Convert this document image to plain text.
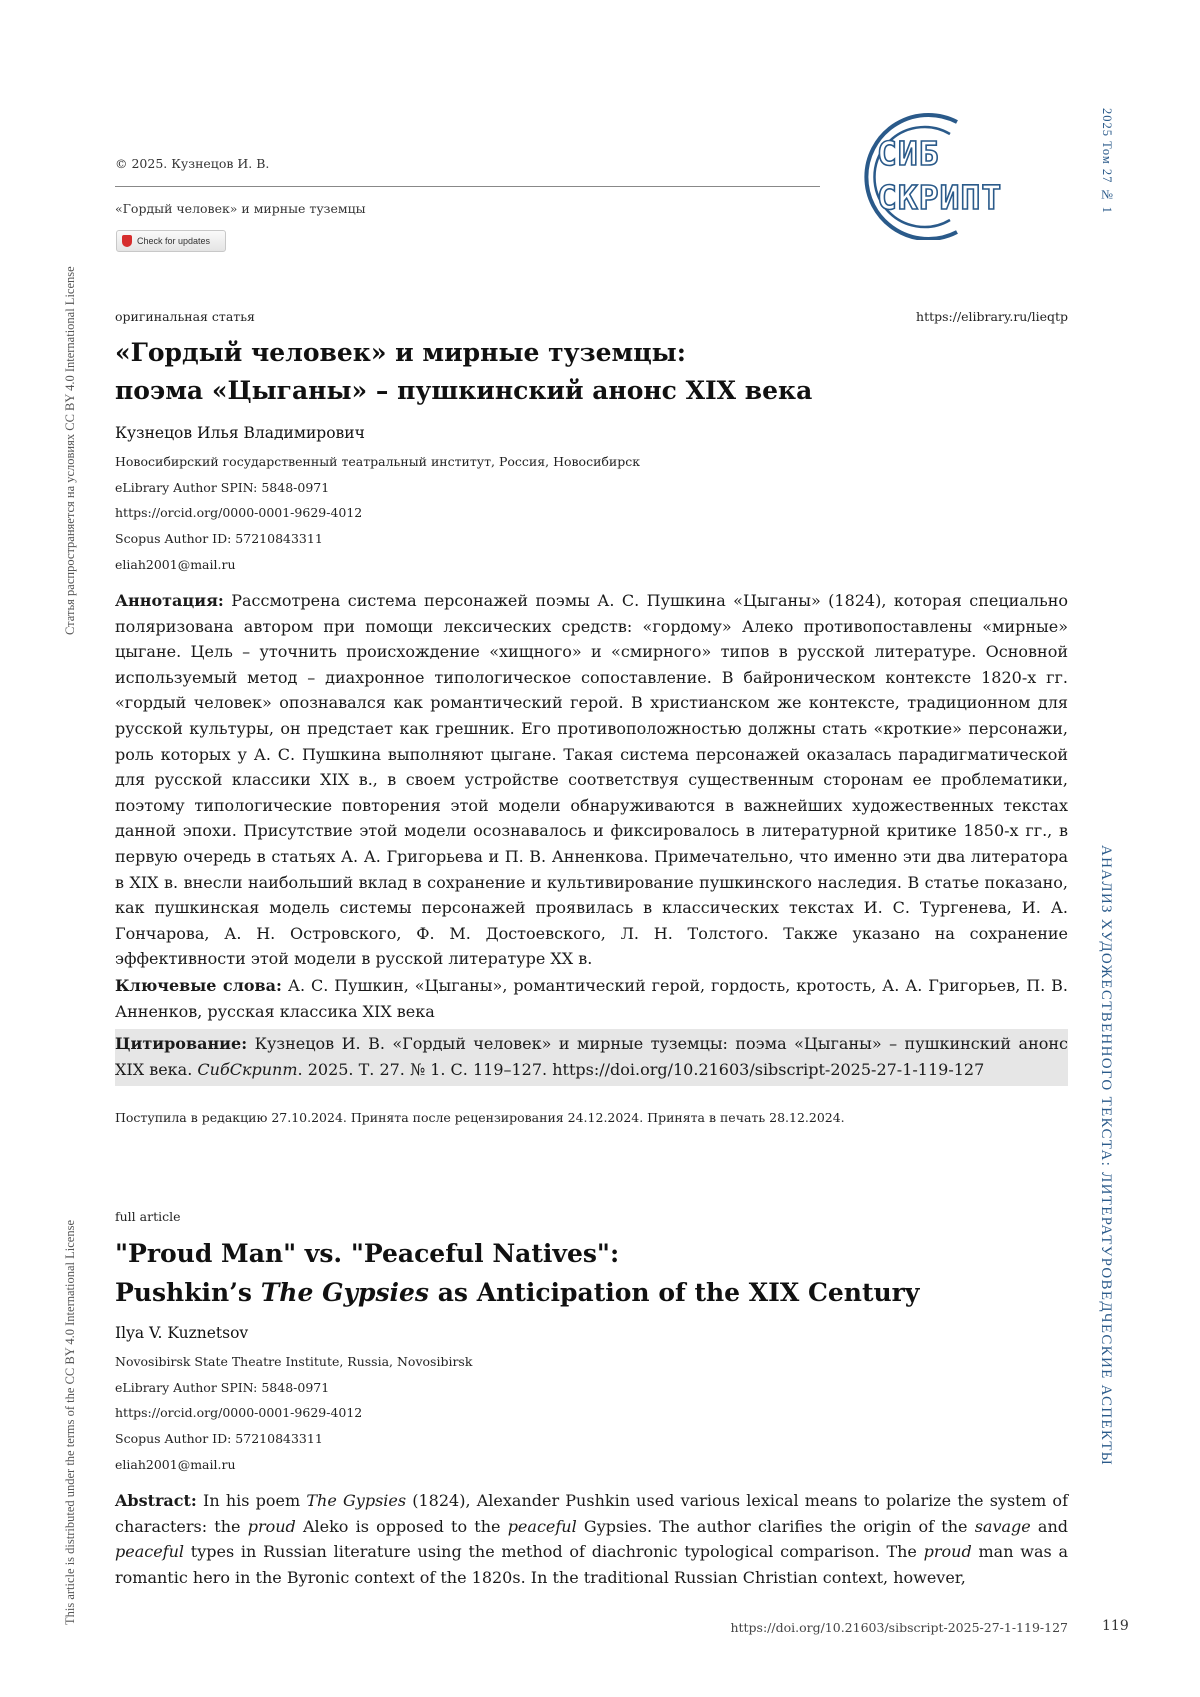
Статья распространяется на условиях CC BY 4.0 International License
This article is distributed under the terms of the CC BY 4.0 International License
2025 Том 27 № 1
АНАЛИЗ ХУДОЖЕСТВЕННОГО ТЕКСТА: ЛИТЕРАТУРОВЕДЧЕСКИЕ АСПЕКТЫ
© 2025. Кузнецов И. В.
«Гордый человек» и мирные туземцы
Check for updates
СИБ
СКРИПТ
оригинальная статья	https://elibrary.ru/lieqtp
«Гордый человек» и мирные туземцы:
поэма «Цыганы» – пушкинский анонс XIX века
Кузнецов Илья Владимирович
Новосибирский государственный театральный институт, Россия, Новосибирск
eLibrary Author SPIN: 5848-0971
https://orcid.org/0000-0001-9629-4012
Scopus Author ID: 57210843311
eliah2001@mail.ru
Аннотация: Рассмотрена система персонажей поэмы А. С. Пушкина «Цыганы» (1824), которая специально поляризована автором при помощи лексических средств: «гордому» Алеко противопоставлены «мирные» цыгане. Цель – уточнить происхождение «хищного» и «смирного» типов в русской литературе. Основной используемый метод – диахронное типологическое сопоставление. В байроническом контексте 1820-х гг. «гордый человек» опознавался как романтический герой. В христианском же контексте, традиционном для русской культуры, он предстает как грешник. Его противоположностью должны стать «кроткие» персонажи, роль которых у А. С. Пушкина выполняют цыгане. Такая система персонажей оказалась парадигматической для русской классики XIX в., в своем устройстве соответствуя существенным сторонам ее проблематики, поэтому типологические повторения этой модели обнаруживаются в важнейших художественных текстах данной эпохи. Присутствие этой модели осознавалось и фиксировалось в литературной критике 1850-х гг., в первую очередь в статьях А. А. Григорьева и П. В. Анненкова. Примечательно, что именно эти два литератора в XIX в. внесли наибольший вклад в сохранение и культивирование пушкинского наследия. В статье показано, как пушкинская модель системы персонажей проявилась в классических текстах И. С. Тургенева, И. А. Гончарова, А. Н. Островского, Ф. М. Достоевского, Л. Н. Толстого. Также указано на сохранение эффективности этой модели в русской литературе XX в.
Ключевые слова: А. С. Пушкин, «Цыганы», романтический герой, гордость, кротость, А. А. Григорьев, П. В. Анненков, русская классика XIX века
Цитирование: Кузнецов И. В. «Гордый человек» и мирные туземцы: поэма «Цыганы» – пушкинский анонс XIX века. СибСкрипт. 2025. Т. 27. № 1. С. 119–127. https://doi.org/10.21603/sibscript-2025-27-1-119-127
Поступила в редакцию 27.10.2024. Принята после рецензирования 24.12.2024. Принята в печать 28.12.2024.
full article
"Proud Man" vs. "Peaceful Natives":
Pushkin’s The Gypsies as Anticipation of the XIX Century
Ilya V. Kuznetsov
Novosibirsk State Theatre Institute, Russia, Novosibirsk
eLibrary Author SPIN: 5848-0971
https://orcid.org/0000-0001-9629-4012
Scopus Author ID: 57210843311
eliah2001@mail.ru
Abstract: In his poem The Gypsies (1824), Alexander Pushkin used various lexical means to polarize the system of characters: the proud Aleko is opposed to the peaceful Gypsies. The author clarifies the origin of the savage and peaceful types in Russian literature using the method of diachronic typological comparison. The proud man was a romantic hero in the Byronic context of the 1820s. In the traditional Russian Christian context, however,
https://doi.org/10.21603/sibscript-2025-27-1-119-127 119
